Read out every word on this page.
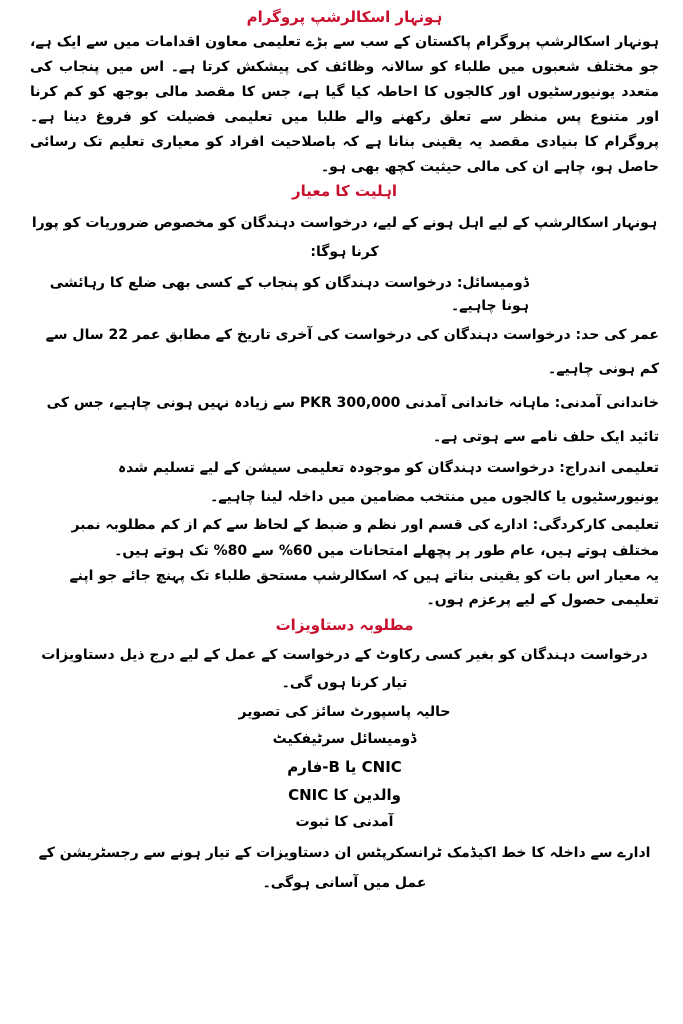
ہونہار اسکالرشپ پروگرام

ہونہار اسکالرشپ پروگرام پاکستان کے سب سے بڑے تعلیمی معاون اقدامات میں سے ایک ہے، جو مختلف شعبوں میں طلباء کو سالانہ وظائف کی پیشکش کرتا ہے۔ اس میں پنجاب کی متعدد یونیورسٹیوں اور کالجوں کا احاطہ کیا گیا ہے، جس کا مقصد مالی بوجھ کو کم کرنا اور متنوع پس منظر سے تعلق رکھنے والے طلبا میں تعلیمی فضیلت کو فروغ دینا ہے۔ پروگرام کا بنیادی مقصد یہ یقینی بنانا ہے کہ باصلاحیت افراد کو معیاری تعلیم تک رسائی حاصل ہو، چاہے ان کی مالی حیثیت کچھ بھی ہو۔

اہلیت کا معیار

ہونہار اسکالرشپ کے لیے اہل ہونے کے لیے، درخواست دہندگان کو مخصوص ضروریات کو پورا کرنا ہوگا:

ڈومیسائل: درخواست دہندگان کو پنجاب کے کسی بھی ضلع کا رہائشی ہونا چاہیے۔

عمر کی حد: درخواست دہندگان کی درخواست کی آخری تاریخ کے مطابق عمر 22 سال سے کم ہونی چاہیے۔

خاندانی آمدنی: ماہانہ خاندانی آمدنی PKR 300,000 سے زیادہ نہیں ہونی چاہیے، جس کی تائید ایک حلف نامے سے ہوتی ہے۔

تعلیمی اندراج: درخواست دہندگان کو موجودہ تعلیمی سیشن کے لیے تسلیم شدہ یونیورسٹیوں یا کالجوں میں منتخب مضامین میں داخلہ لینا چاہیے۔

تعلیمی کارکردگی: ادارے کی قسم اور نظم و ضبط کے لحاظ سے کم از کم مطلوبہ نمبر مختلف ہوتے ہیں، عام طور پر پچھلے امتحانات میں 60% سے 80% تک ہوتے ہیں۔

یہ معیار اس بات کو یقینی بناتے ہیں کہ اسکالرشپ مستحق طلباء تک پہنچ جائے جو اپنے تعلیمی حصول کے لیے پرعزم ہوں۔

مطلوبہ دستاویزات

درخواست دہندگان کو بغیر کسی رکاوٹ کے درخواست کے عمل کے لیے درج ذیل دستاویزات تیار کرنا ہوں گی۔

حالیہ پاسپورٹ سائز کی تصویر
ڈومیسائل سرٹیفکیٹ
CNIC یا B-فارم
والدین کا CNIC
آمدنی کا ثبوت

ادارے سے داخلہ کا خط اکیڈمک ٹرانسکرپٹس ان دستاویزات کے تیار ہونے سے رجسٹریشن کے عمل میں آسانی ہوگی۔
